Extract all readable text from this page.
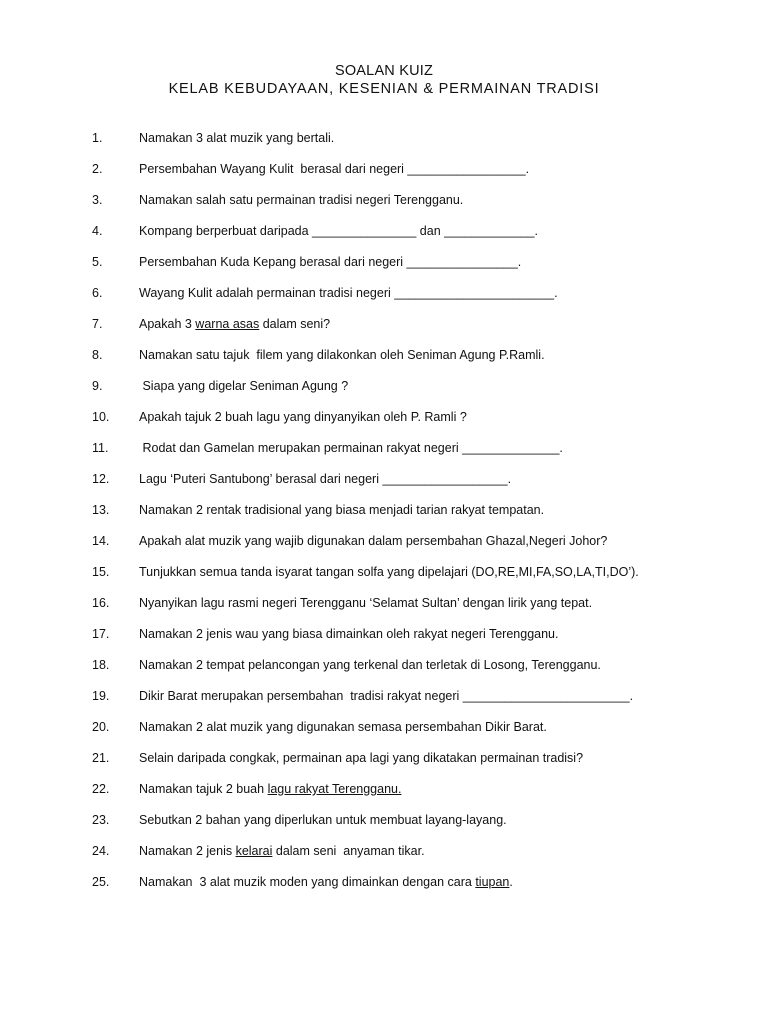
SOALAN KUIZ
KELAB KEBUDAYAAN, KESENIAN & PERMAINAN TRADISI
1.	Namakan 3 alat muzik yang bertali.
2.	Persembahan Wayang Kulit  berasal dari negeri _________________.
3.	Namakan salah satu permainan tradisi negeri Terengganu.
4.	Kompang berperbuat daripada _______________ dan _____________.
5.	Persembahan Kuda Kepang berasal dari negeri ________________.
6.	Wayang Kulit adalah permainan tradisi negeri _______________________.
7.	Apakah 3 warna asas dalam seni?
8.	Namakan satu tajuk  filem yang dilakonkan oleh Seniman Agung P.Ramli.
9.	Siapa yang digelar Seniman Agung ?
10. Apakah tajuk 2 buah lagu yang dinyanyikan oleh P. Ramli ?
11. Rodat dan Gamelan merupakan permainan rakyat negeri ______________.
12. Lagu ‘Puteri Santubong’ berasal dari negeri __________________.
13. Namakan 2 rentak tradisional yang biasa menjadi tarian rakyat tempatan.
14. Apakah alat muzik yang wajib digunakan dalam persembahan Ghazal,Negeri Johor?
15. Tunjukkan semua tanda isyarat tangan solfa yang dipelajari (DO,RE,MI,FA,SO,LA,TI,DO’).
16. Nyanyikan lagu rasmi negeri Terengganu ‘Selamat Sultan’ dengan lirik yang tepat.
17. Namakan 2 jenis wau yang biasa dimainkan oleh rakyat negeri Terengganu.
18. Namakan 2 tempat pelancongan yang terkenal dan terletak di Losong, Terengganu.
19. Dikir Barat merupakan persembahan  tradisi rakyat negeri ________________________.
20. Namakan 2 alat muzik yang digunakan semasa persembahan Dikir Barat.
21. Selain daripada congkak, permainan apa lagi yang dikatakan permainan tradisi?
22. Namakan tajuk 2 buah lagu rakyat Terengganu.
23. Sebutkan 2 bahan yang diperlukan untuk membuat layang-layang.
24. Namakan 2 jenis kelarai dalam seni  anyaman tikar.
25. Namakan  3 alat muzik moden yang dimainkan dengan cara tiupan.
